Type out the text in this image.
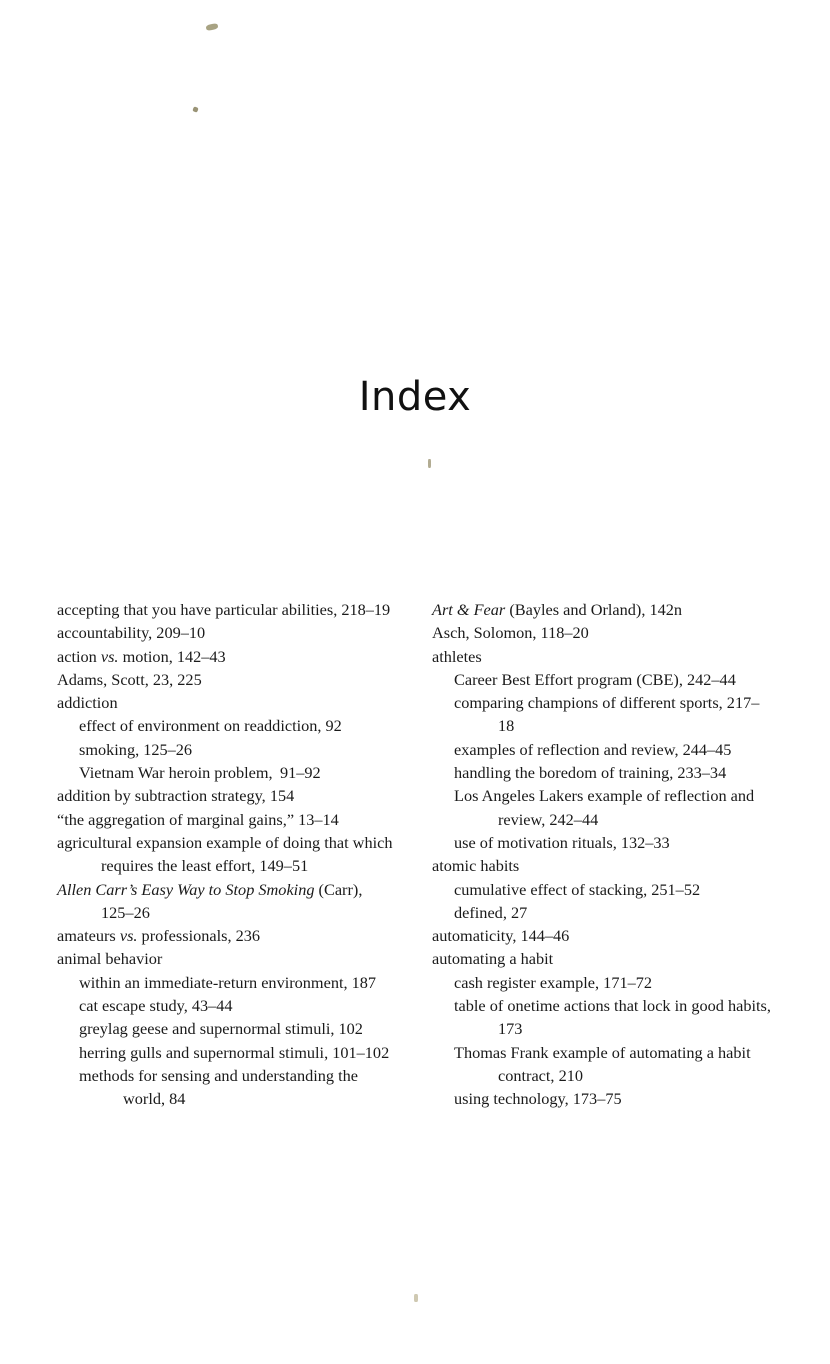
Index

accepting that you have particular abilities, 218–19

accountability, 209–10

action vs. motion, 142–43

Adams, Scott, 23, 225

addiction

effect of environment on readdiction, 92

smoking, 125–26

Vietnam War heroin problem,  91–92

addition by subtraction strategy, 154

“the aggregation of marginal gains,” 13–14

agricultural expansion example of doing that which requires the least effort, 149–51

Allen Carr’s Easy Way to Stop Smoking (Carr), 125–26

amateurs vs. professionals, 236

animal behavior

within an immediate-return environment, 187

cat escape study, 43–44

greylag geese and supernormal stimuli, 102

herring gulls and supernormal stimuli, 101–102

methods for sensing and understanding the world, 84

Art & Fear (Bayles and Orland), 142n

Asch, Solomon, 118–20

athletes

Career Best Effort program (CBE), 242–44

comparing champions of different sports, 217–18

examples of reflection and review, 244–45

handling the boredom of training, 233–34

Los Angeles Lakers example of reflection and review, 242–44

use of motivation rituals, 132–33

atomic habits

cumulative effect of stacking, 251–52

defined, 27

automaticity, 144–46

automating a habit

cash register example, 171–72

table of onetime actions that lock in good habits, 173

Thomas Frank example of automating a habit contract, 210

using technology, 173–75
